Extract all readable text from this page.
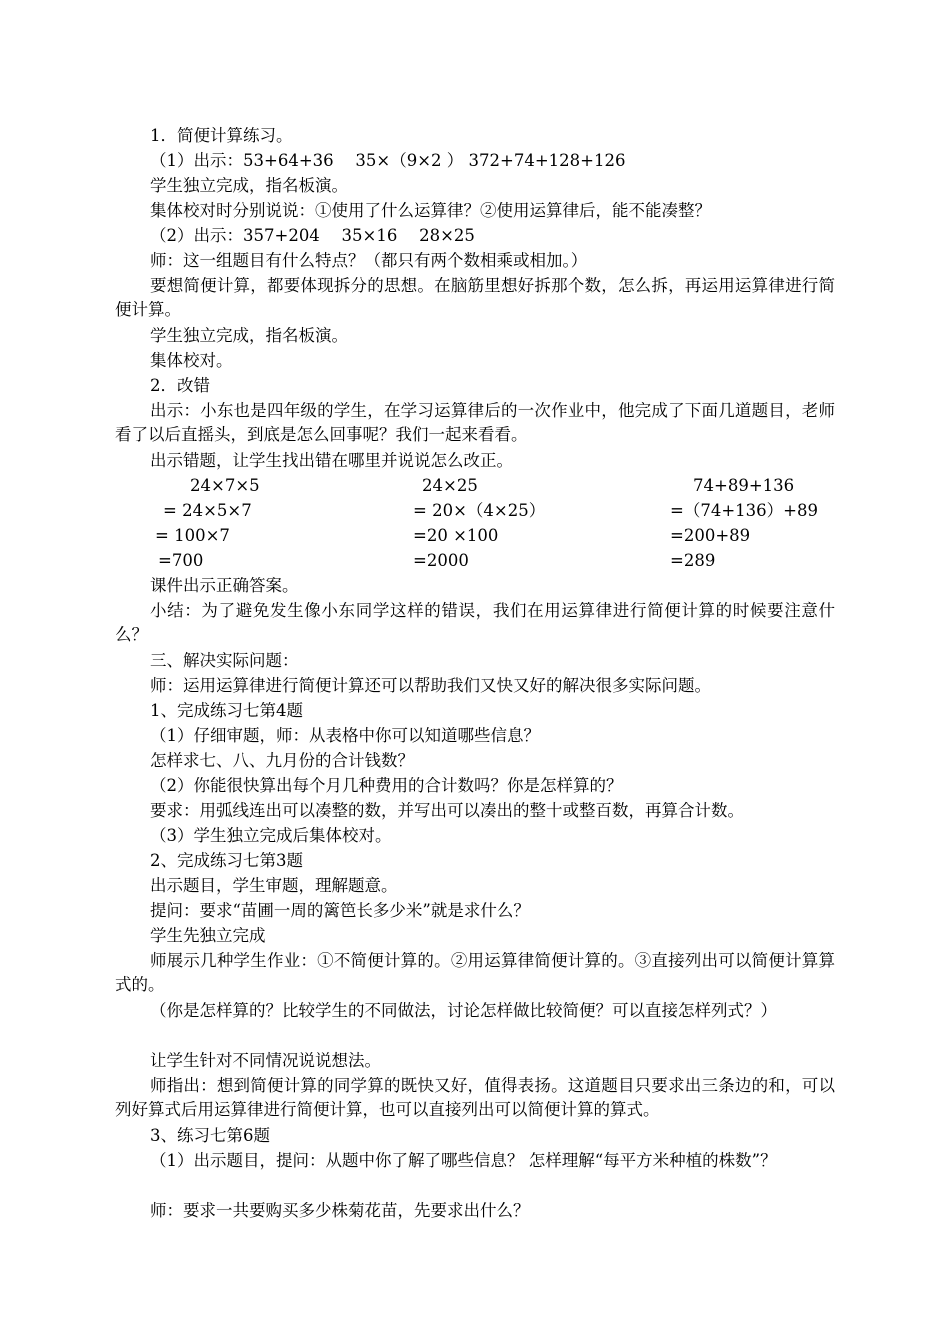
1．简便计算练习。
（1）出示：53+64+36　 35×（9×2 ） 372+74+128+126
学生独立完成，指名板演。
集体校对时分别说说：①使用了什么运算律？②使用运算律后，能不能凑整？
（2）出示：357+204　 35×16　 28×25
师：这一组题目有什么特点？（都只有两个数相乘或相加。）
要想简便计算，都要体现拆分的思想。在脑筋里想好拆那个数，怎么拆，再运用运算律进行简便计算。
学生独立完成，指名板演。
集体校对。
2．改错
出示：小东也是四年级的学生，在学习运算律后的一次作业中，他完成了下面几道题目，老师看了以后直摇头，到底是怎么回事呢？我们一起来看看。
出示错题，让学生找出错在哪里并说说怎么改正。
24×7×5
= 24×5×7
= 100×7
=700
24×25
= 20×（4×25）
=20 ×100
=2000
74+89+136
=（74+136）+89
=200+89
=289
课件出示正确答案。
小结：为了避免发生像小东同学这样的错误，我们在用运算律进行简便计算的时候要注意什么？
三、解决实际问题：
师：运用运算律进行简便计算还可以帮助我们又快又好的解决很多实际问题。
1、完成练习七第4题
（1）仔细审题，师：从表格中你可以知道哪些信息？
怎样求七、八、九月份的合计钱数？
（2）你能很快算出每个月几种费用的合计数吗？你是怎样算的？
要求：用弧线连出可以凑整的数，并写出可以凑出的整十或整百数，再算合计数。
（3）学生独立完成后集体校对。
2、完成练习七第3题
出示题目，学生审题，理解题意。
提问：要求“苗圃一周的篱笆长多少米”就是求什么？
学生先独立完成
师展示几种学生作业：①不简便计算的。②用运算律简便计算的。③直接列出可以简便计算算式的。
（你是怎样算的？比较学生的不同做法，讨论怎样做比较简便？可以直接怎样列式？）
让学生针对不同情况说说想法。
师指出：想到简便计算的同学算的既快又好，值得表扬。这道题目只要求出三条边的和，可以列好算式后用运算律进行简便计算，也可以直接列出可以简便计算的算式。
3、练习七第6题
（1）出示题目，提问：从题中你了解了哪些信息？ 怎样理解“每平方米种植的株数”？
师：要求一共要购买多少株菊花苗，先要求出什么？
